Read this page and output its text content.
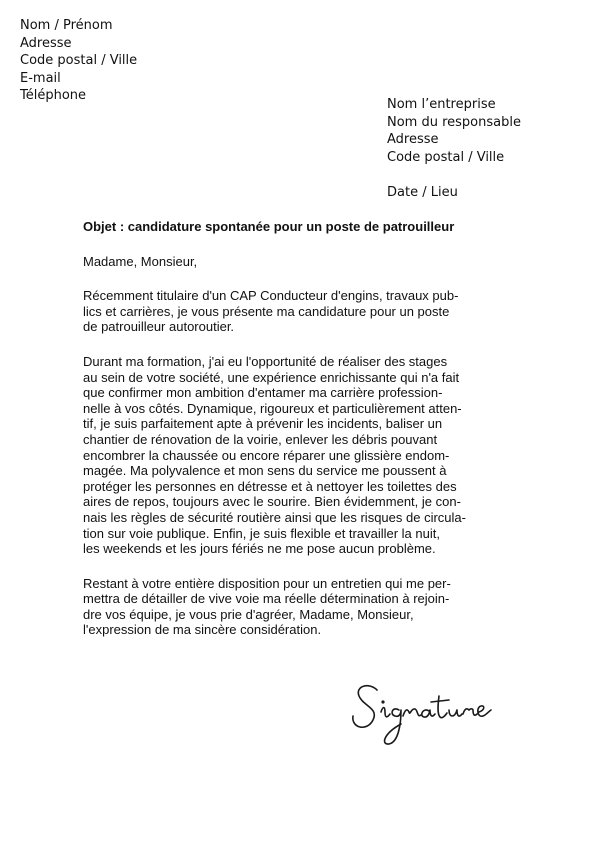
Nom / Prénom
Adresse
Code postal / Ville
E-mail
Téléphone
Nom l’entreprise
Nom du responsable
Adresse
Code postal / Ville
Date / Lieu
Objet : candidature spontanée pour un poste de patrouilleur
Madame, Monsieur,
Récemment titulaire d'un CAP Conducteur d'engins, travaux pub-
lics et carrières, je vous présente ma candidature pour un poste
de patrouilleur autoroutier.
Durant ma formation, j'ai eu l'opportunité de réaliser des stages
au sein de votre société, une expérience enrichissante qui n'a fait
que confirmer mon ambition d'entamer ma carrière profession-
nelle à vos côtés. Dynamique, rigoureux et particulièrement atten-
tif, je suis parfaitement apte à prévenir les incidents, baliser un
chantier de rénovation de la voirie, enlever les débris pouvant
encombrer la chaussée ou encore réparer une glissière endom-
magée. Ma polyvalence et mon sens du service me poussent à
protéger les personnes en détresse et à nettoyer les toilettes des
aires de repos, toujours avec le sourire. Bien évidemment, je con-
nais les règles de sécurité routière ainsi que les risques de circula-
tion sur voie publique. Enfin, je suis flexible et travailler la nuit,
les weekends et les jours fériés ne me pose aucun problème.
Restant à votre entière disposition pour un entretien qui me per-
mettra de détailler de vive voie ma réelle détermination à rejoin-
dre vos équipe, je vous prie d'agréer, Madame, Monsieur,
l'expression de ma sincère considération.
